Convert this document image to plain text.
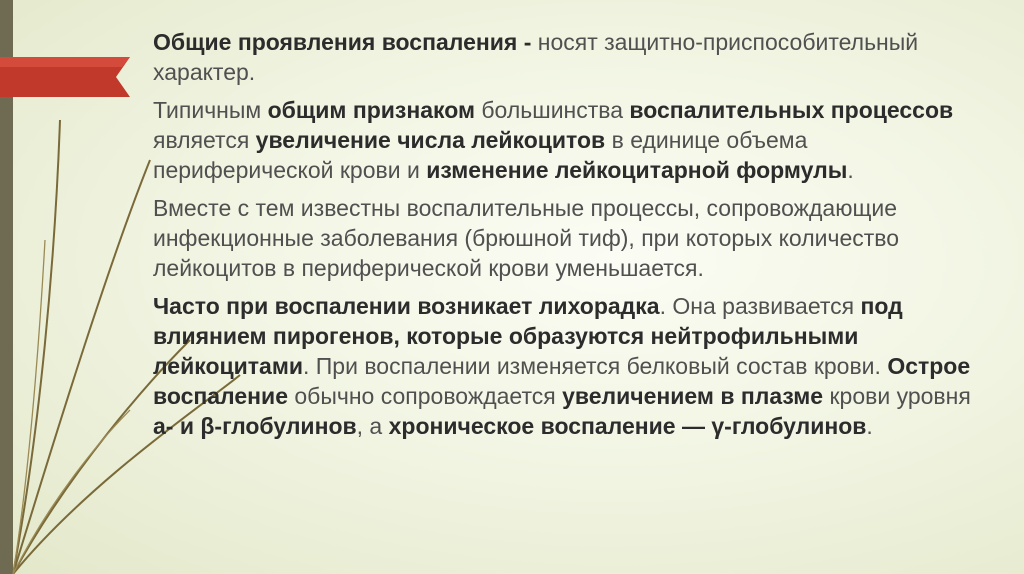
Общие проявления воспаления - носят защитно-приспособительный характер.

Типичным общим признаком большинства воспалительных процессов является увеличение числа лейкоцитов в единице объема периферической крови и изменение лейкоцитарной формулы.

Вместе с тем известны воспалительные процессы, сопровождающие инфекционные заболевания (брюшной тиф), при которых количество лейкоцитов в периферической крови уменьшается.

Часто при воспалении возникает лихорадка. Она развивается под влиянием пирогенов, которые образуются нейтрофильными лейкоцитами. При воспалении изменяется белковый состав крови. Острое воспаление обычно сопровождается увеличением в плазме крови уровня а- и β-глобулинов, а хроническое воспаление — γ-глобулинов.
